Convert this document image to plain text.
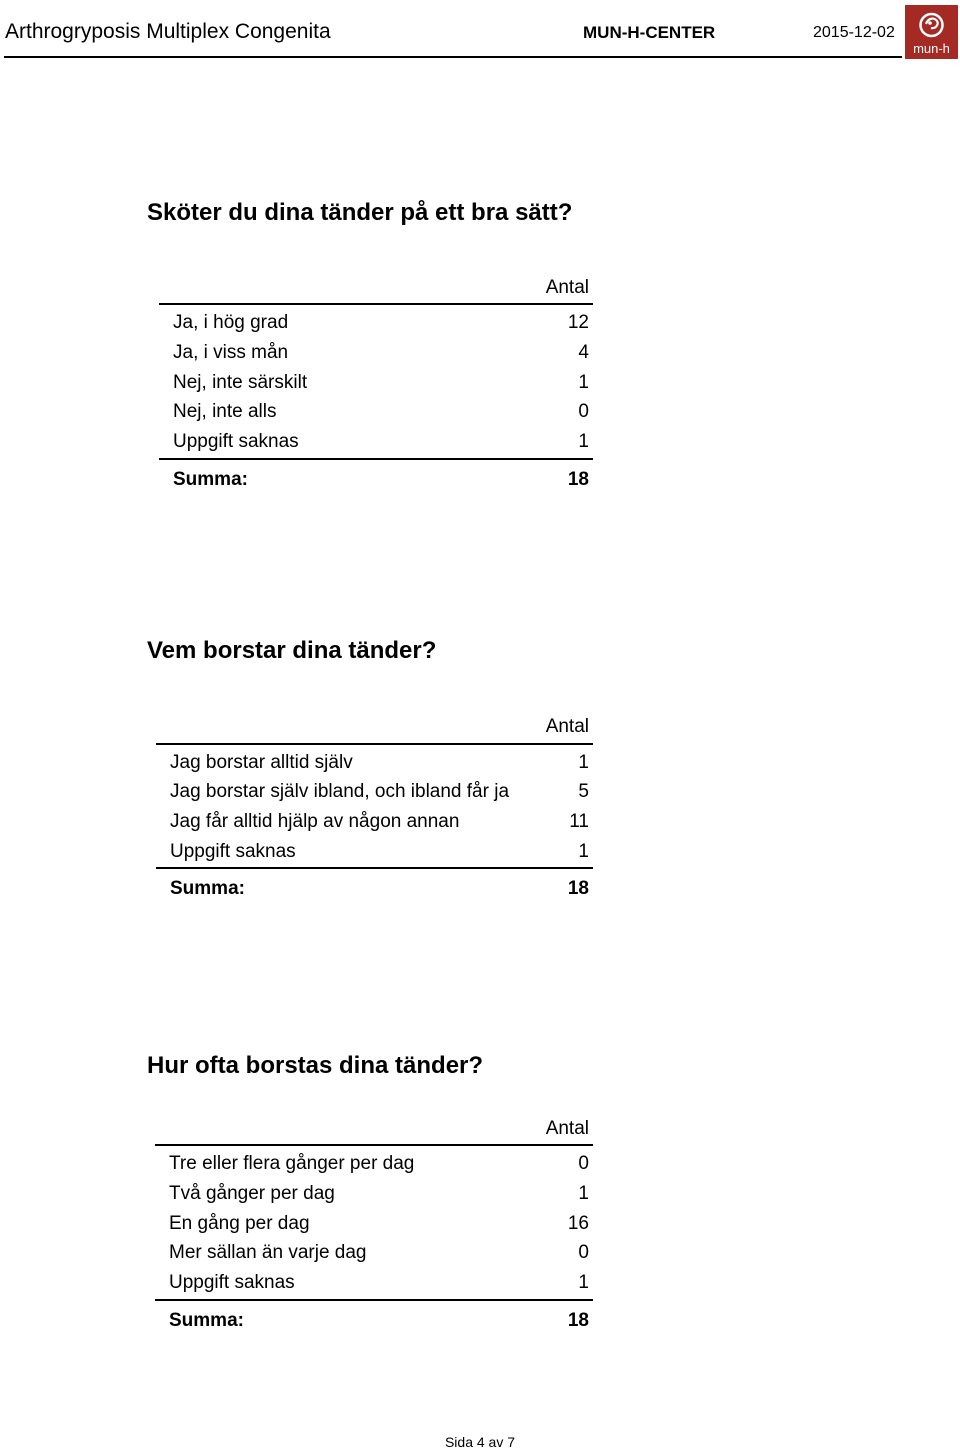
Arthrogryposis Multiplex Congenita	MUN-H-CENTER	2015-12-02
mun-h
Sköter du dina tänder på ett bra sätt?
Antal
Ja, i hög grad	12
Ja, i viss mån	4
Nej, inte särskilt	1
Nej, inte alls	0
Uppgift saknas	1
Summa:	18
Vem borstar dina tänder?
Antal
Jag borstar alltid själv	1
Jag borstar själv ibland, och ibland får ja	5
Jag får alltid hjälp av någon annan	11
Uppgift saknas	1
Summa:	18
Hur ofta borstas dina tänder?
Antal
Tre eller flera gånger per dag	0
Två gånger per dag	1
En gång per dag	16
Mer sällan än varje dag	0
Uppgift saknas	1
Summa:	18
Sida 4 av 7
